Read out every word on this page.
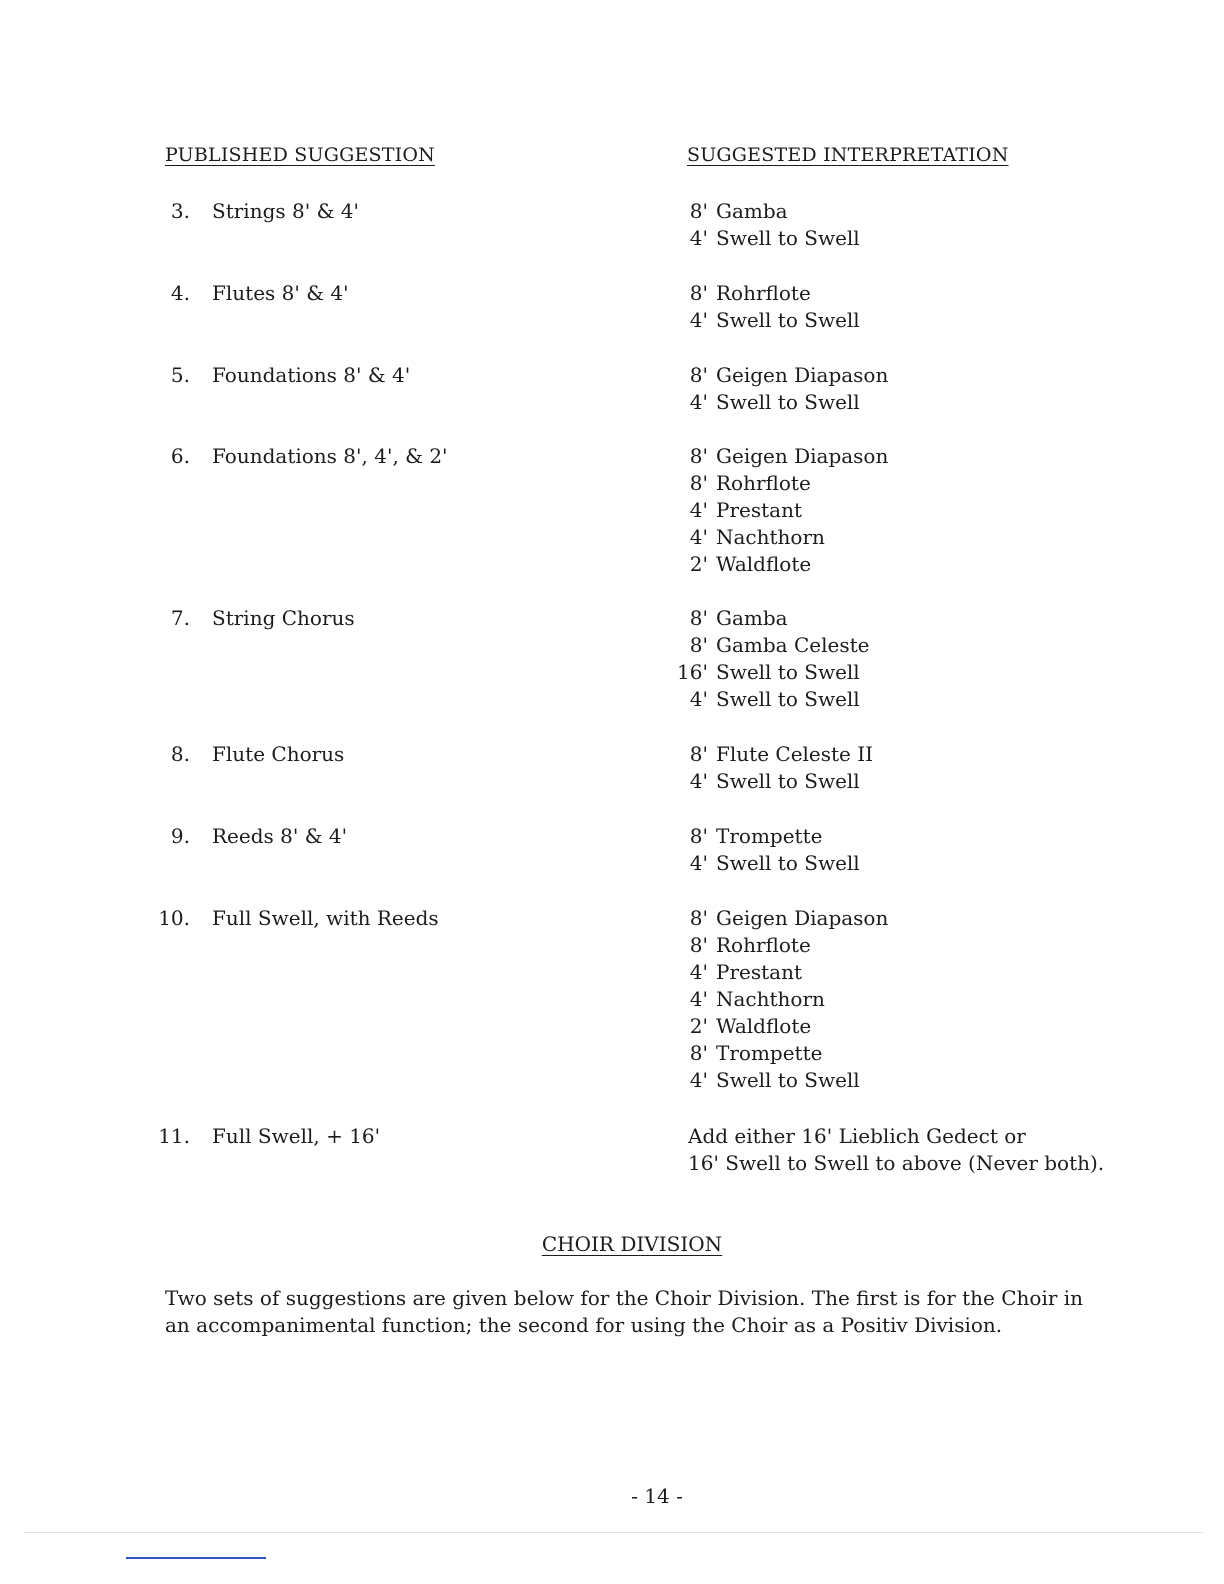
PUBLISHED SUGGESTION	SUGGESTED INTERPRETATION
3.	Strings 8' & 4'	8' Gamba
4' Swell to Swell
4.	Flutes 8' & 4'	8' Rohrflote
4' Swell to Swell
5.	Foundations 8' & 4'	8' Geigen Diapason
4' Swell to Swell
6.	Foundations 8', 4', & 2'	8' Geigen Diapason
8' Rohrflote
4' Prestant
4' Nachthorn
2' Waldflote
7.	String Chorus	8' Gamba
8' Gamba Celeste
16' Swell to Swell
4' Swell to Swell
8.	Flute Chorus	8' Flute Celeste II
4' Swell to Swell
9.	Reeds 8' & 4'	8' Trompette
4' Swell to Swell
10.	Full Swell, with Reeds	8' Geigen Diapason
8' Rohrflote
4' Prestant
4' Nachthorn
2' Waldflote
8' Trompette
4' Swell to Swell
11.	Full Swell, + 16'	Add either 16' Lieblich Gedect or
16' Swell to Swell to above (Never both).
CHOIR DIVISION
Two sets of suggestions are given below for the Choir Division. The first is for the Choir in an accompanimental function; the second for using the Choir as a Positiv Division.
- 14 -
